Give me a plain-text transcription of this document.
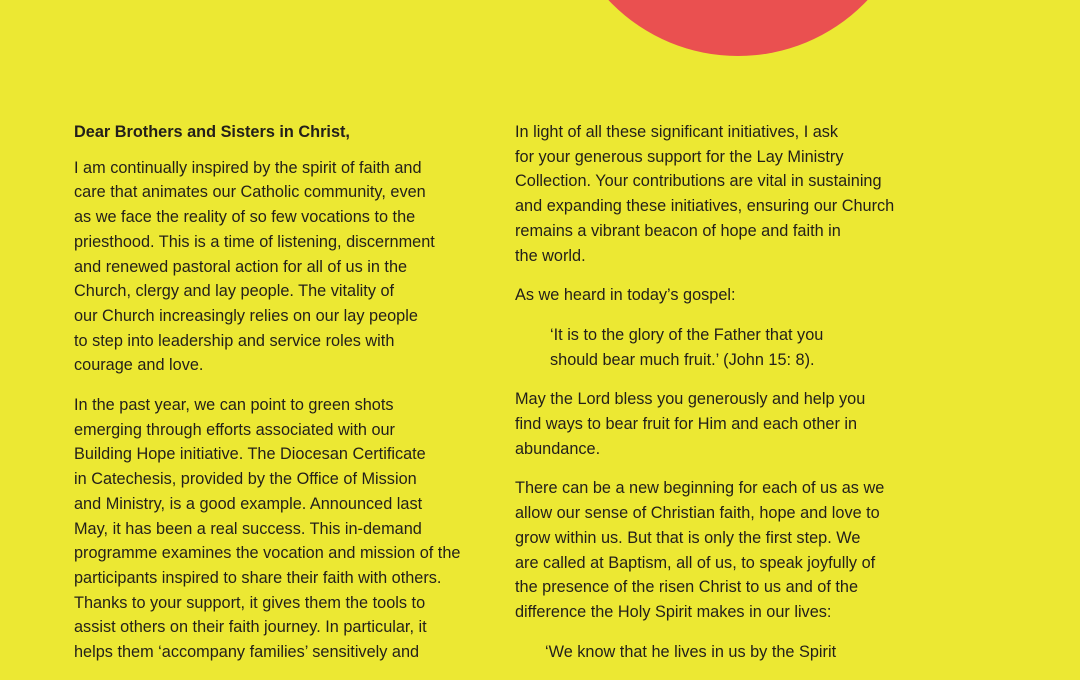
Dear Brothers and Sisters in Christ,

I am continually inspired by the spirit of faith and
care that animates our Catholic community, even
as we face the reality of so few vocations to the
priesthood. This is a time of listening, discernment
and renewed pastoral action for all of us in the
Church, clergy and lay people. The vitality of
our Church increasingly relies on our lay people
to step into leadership and service roles with
courage and love.

In the past year, we can point to green shots
emerging through efforts associated with our
Building Hope initiative. The Diocesan Certificate
in Catechesis, provided by the Office of Mission
and Ministry, is a good example. Announced last
May, it has been a real success. This in-demand
programme examines the vocation and mission of the
participants inspired to share their faith with others.
Thanks to your support, it gives them the tools to
assist others on their faith journey. In particular, it
helps them ‘accompany families’ sensitively and

In light of all these significant initiatives, I ask
for your generous support for the Lay Ministry
Collection. Your contributions are vital in sustaining
and expanding these initiatives, ensuring our Church
remains a vibrant beacon of hope and faith in
the world.

As we heard in today’s gospel:

‘It is to the glory of the Father that you
should bear much fruit.’ (John 15: 8).

May the Lord bless you generously and help you
find ways to bear fruit for Him and each other in
abundance.

There can be a new beginning for each of us as we
allow our sense of Christian faith, hope and love to
grow within us. But that is only the first step. We
are called at Baptism, all of us, to speak joyfully of
the presence of the risen Christ to us and of the
difference the Holy Spirit makes in our lives:

‘We know that he lives in us by the Spirit
